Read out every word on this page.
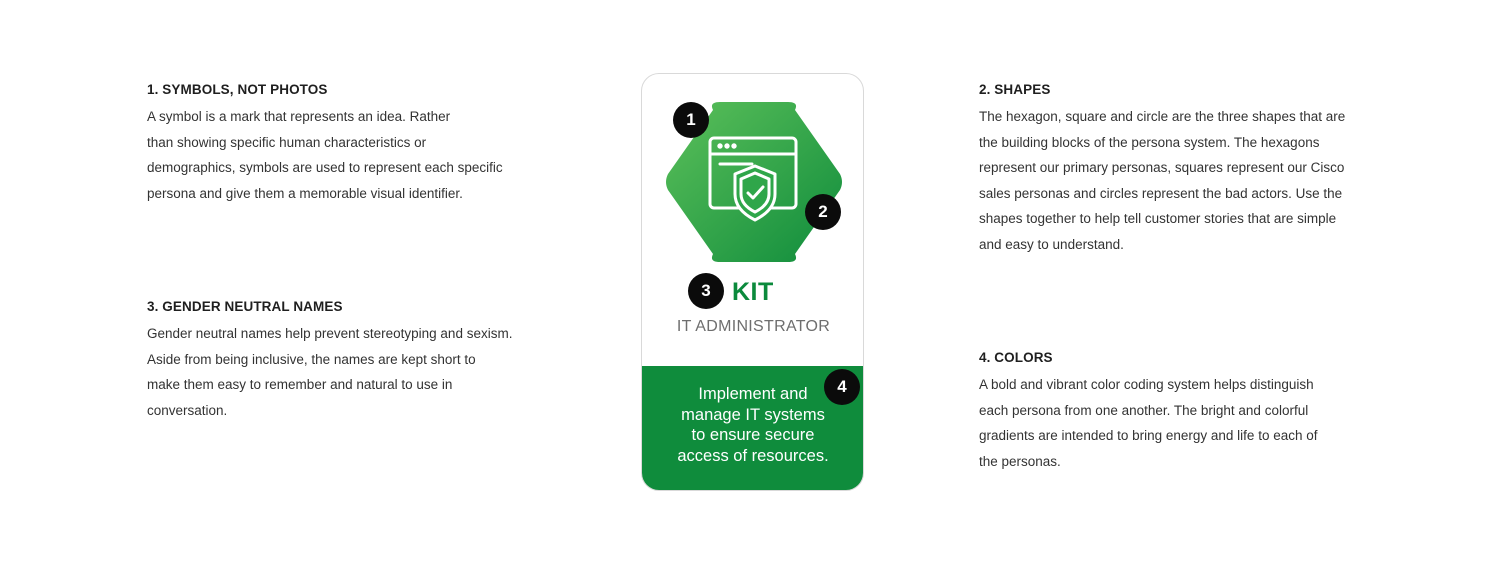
1. SYMBOLS, NOT PHOTOS

A symbol is a mark that represents an idea. Rather
than showing specific human characteristics or
demographics, symbols are used to represent each specific
persona and give them a memorable visual identifier.

3. GENDER NEUTRAL NAMES

Gender neutral names help prevent stereotyping and sexism.
Aside from being inclusive, the names are kept short to
make them easy to remember and natural to use in
conversation.

2. SHAPES

The hexagon, square and circle are the three shapes that are
the building blocks of the persona system. The hexagons
represent our primary personas, squares represent our Cisco
sales personas and circles represent the bad actors. Use the
shapes together to help tell customer stories that are simple
and easy to understand.

4. COLORS

A bold and vibrant color coding system helps distinguish
each persona from one another. The bright and colorful
gradients are intended to bring energy and life to each of
the personas.

1
2
3 KIT
IT ADMINISTRATOR
Implement and
manage IT systems
to ensure secure
access of resources.
4
